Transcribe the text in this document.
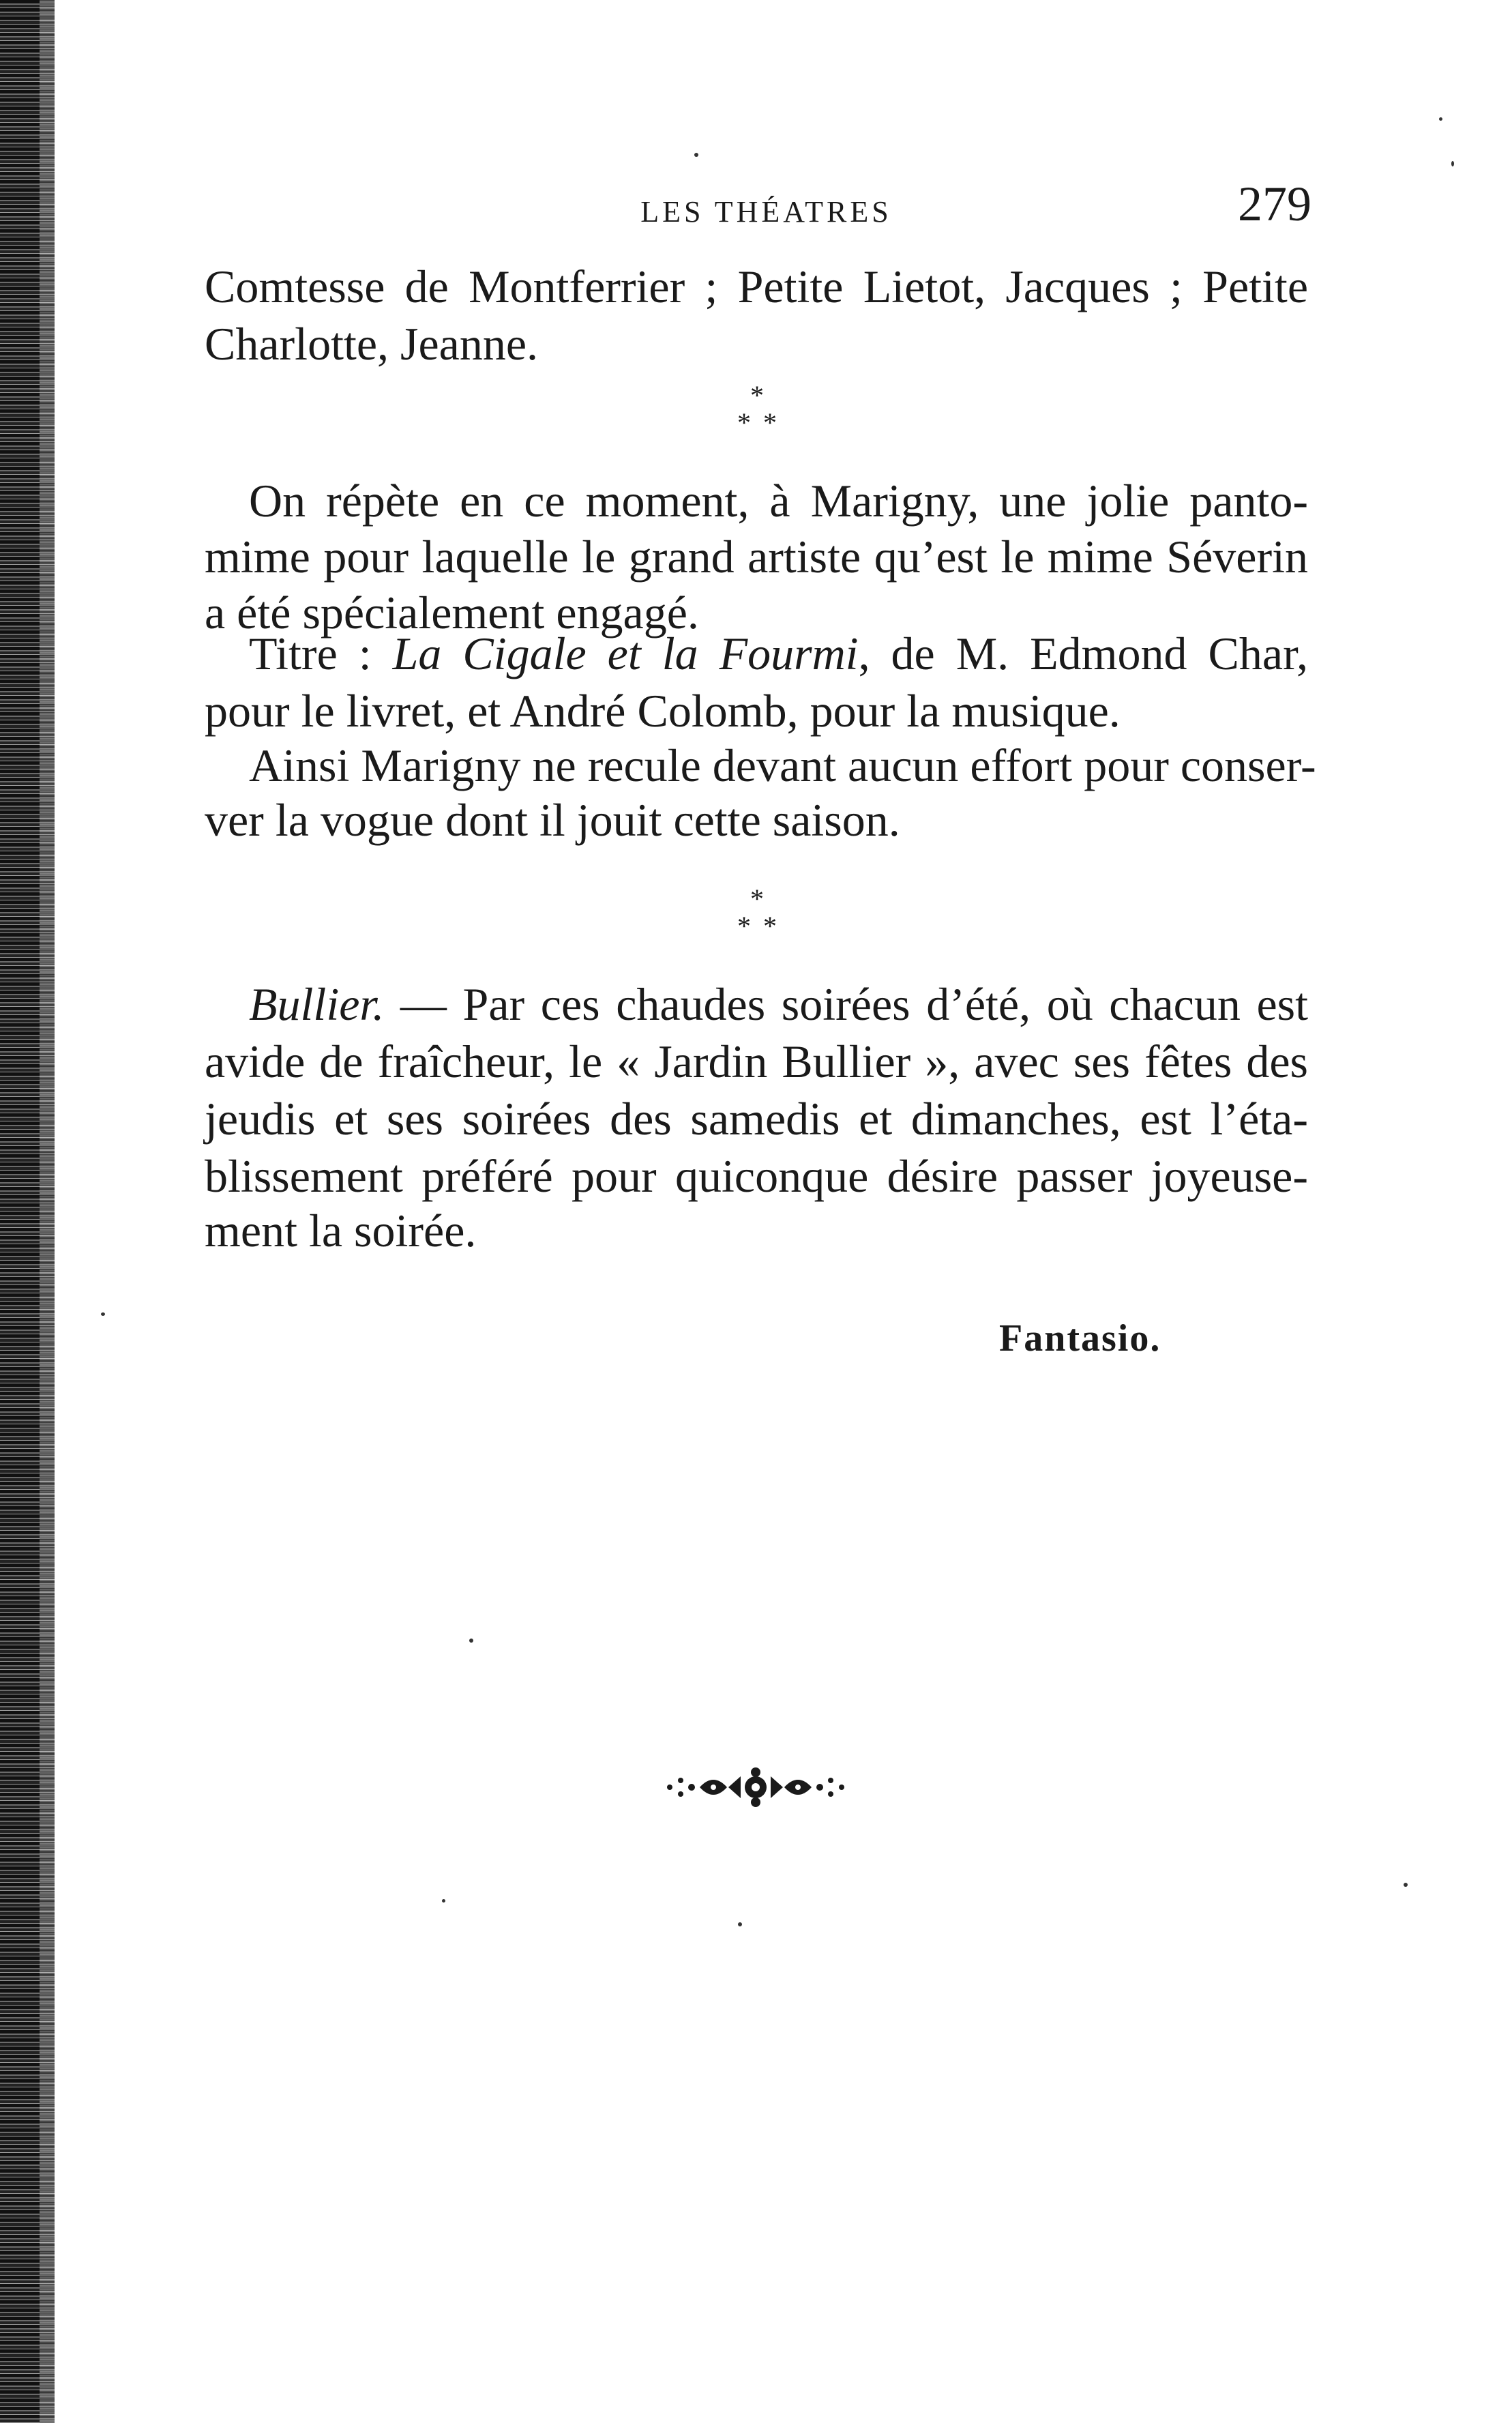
LES THÉATRES	279
Comtesse de Montferrier ; Petite Lietot, Jacques ; Petite
Charlotte, Jeanne.
*
**
On répète en ce moment, à Marigny, une jolie panto-
mime pour laquelle le grand artiste qu’est le mime Séverin
a été spécialement engagé.
Titre : La Cigale et la Fourmi, de M. Edmond Char,
pour le livret, et André Colomb, pour la musique.
Ainsi Marigny ne recule devant aucun effort pour conser-
ver la vogue dont il jouit cette saison.
*
**
Bullier. — Par ces chaudes soirées d’été, où chacun est
avide de fraîcheur, le « Jardin Bullier », avec ses fêtes des
jeudis et ses soirées des samedis et dimanches, est l’éta-
blissement préféré pour quiconque désire passer joyeuse-
ment la soirée.
Fantasio.
